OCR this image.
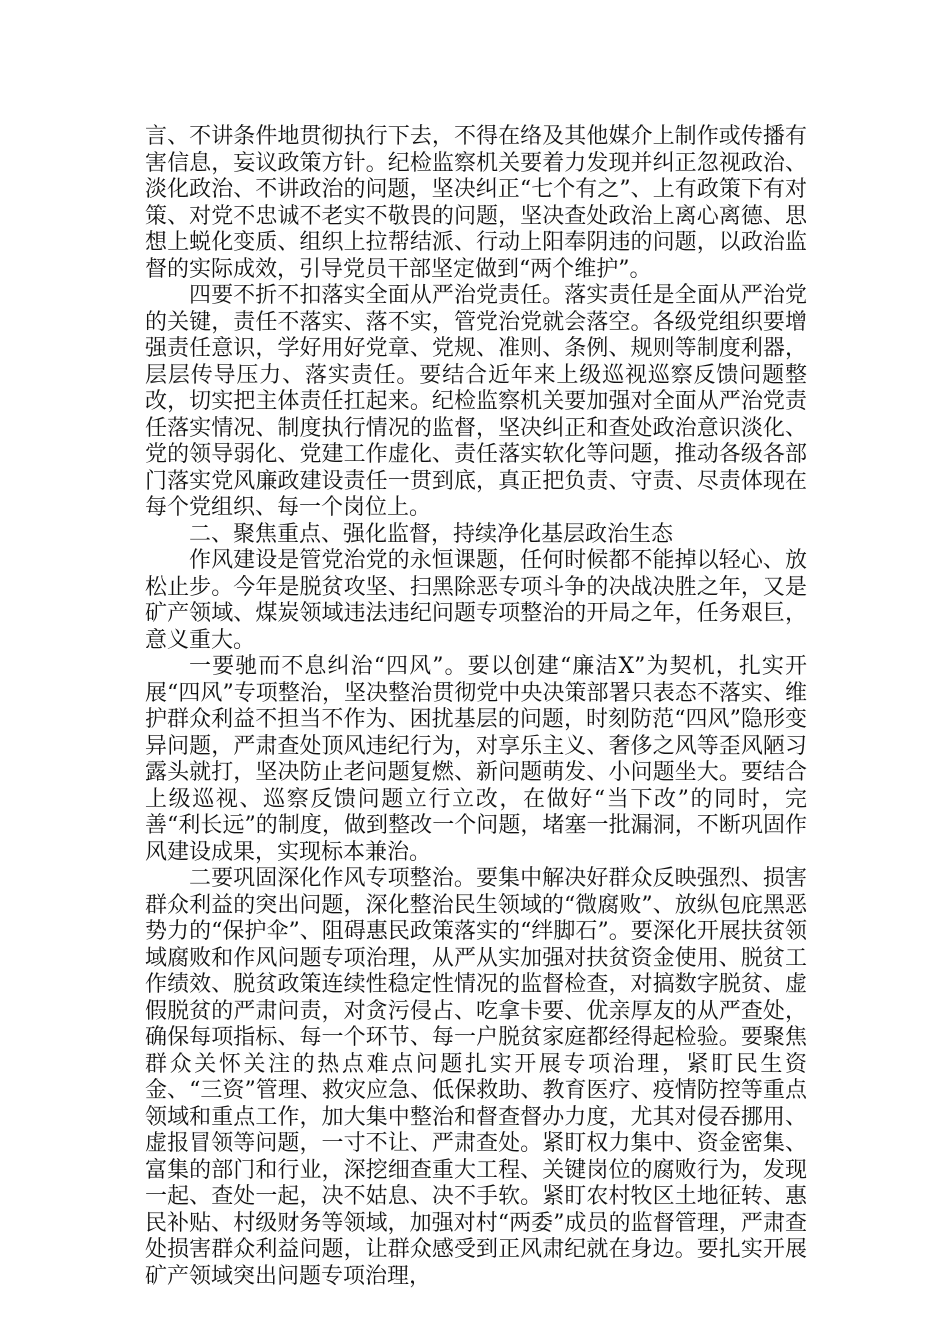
言、不讲条件地贯彻执行下去，不得在络及其他媒介上制作或传播有害信息，妄议政策方针。纪检监察机关要着力发现并纠正忽视政治、淡化政治、不讲政治的问题，坚决纠正“七个有之”、上有政策下有对策、对党不忠诚不老实不敬畏的问题，坚决查处政治上离心离德、思想上蜕化变质、组织上拉帮结派、行动上阳奉阴违的问题，以政治监督的实际成效，引导党员干部坚定做到“两个维护”。

四要不折不扣落实全面从严治党责任。落实责任是全面从严治党的关键，责任不落实、落不实，管党治党就会落空。各级党组织要增强责任意识，学好用好党章、党规、准则、条例、规则等制度利器，层层传导压力、落实责任。要结合近年来上级巡视巡察反馈问题整改，切实把主体责任扛起来。纪检监察机关要加强对全面从严治党责任落实情况、制度执行情况的监督，坚决纠正和查处政治意识淡化、党的领导弱化、党建工作虚化、责任落实软化等问题，推动各级各部门落实党风廉政建设责任一贯到底，真正把负责、守责、尽责体现在每个党组织、每一个岗位上。

二、聚焦重点、强化监督，持续净化基层政治生态

作风建设是管党治党的永恒课题，任何时候都不能掉以轻心、放松止步。今年是脱贫攻坚、扫黑除恶专项斗争的决战决胜之年，又是矿产领域、煤炭领域违法违纪问题专项整治的开局之年，任务艰巨，意义重大。

一要驰而不息纠治“四风”。要以创建“廉洁X”为契机，扎实开展“四风”专项整治，坚决整治贯彻党中央决策部署只表态不落实、维护群众利益不担当不作为、困扰基层的问题，时刻防范“四风”隐形变异问题，严肃查处顶风违纪行为，对享乐主义、奢侈之风等歪风陋习露头就打，坚决防止老问题复燃、新问题萌发、小问题坐大。要结合上级巡视、巡察反馈问题立行立改，在做好“当下改”的同时，完善“利长远”的制度，做到整改一个问题，堵塞一批漏洞，不断巩固作风建设成果，实现标本兼治。

二要巩固深化作风专项整治。要集中解决好群众反映强烈、损害群众利益的突出问题，深化整治民生领域的“微腐败”、放纵包庇黑恶势力的“保护伞”、阻碍惠民政策落实的“绊脚石”。要深化开展扶贫领域腐败和作风问题专项治理，从严从实加强对扶贫资金使用、脱贫工作绩效、脱贫政策连续性稳定性情况的监督检查，对搞数字脱贫、虚假脱贫的严肃问责，对贪污侵占、吃拿卡要、优亲厚友的从严查处，确保每项指标、每一个环节、每一户脱贫家庭都经得起检验。要聚焦群众关怀关注的热点难点问题扎实开展专项治理，紧盯民生资金、“三资”管理、救灾应急、低保救助、教育医疗、疫情防控等重点领域和重点工作，加大集中整治和督查督办力度，尤其对侵吞挪用、虚报冒领等问题，一寸不让、严肃查处。紧盯权力集中、资金密集、富集的部门和行业，深挖细查重大工程、关键岗位的腐败行为，发现一起、查处一起，决不姑息、决不手软。紧盯农村牧区土地征转、惠民补贴、村级财务等领域，加强对村“两委”成员的监督管理，严肃查处损害群众利益问题，让群众感受到正风肃纪就在身边。要扎实开展矿产领域突出问题专项治理，
